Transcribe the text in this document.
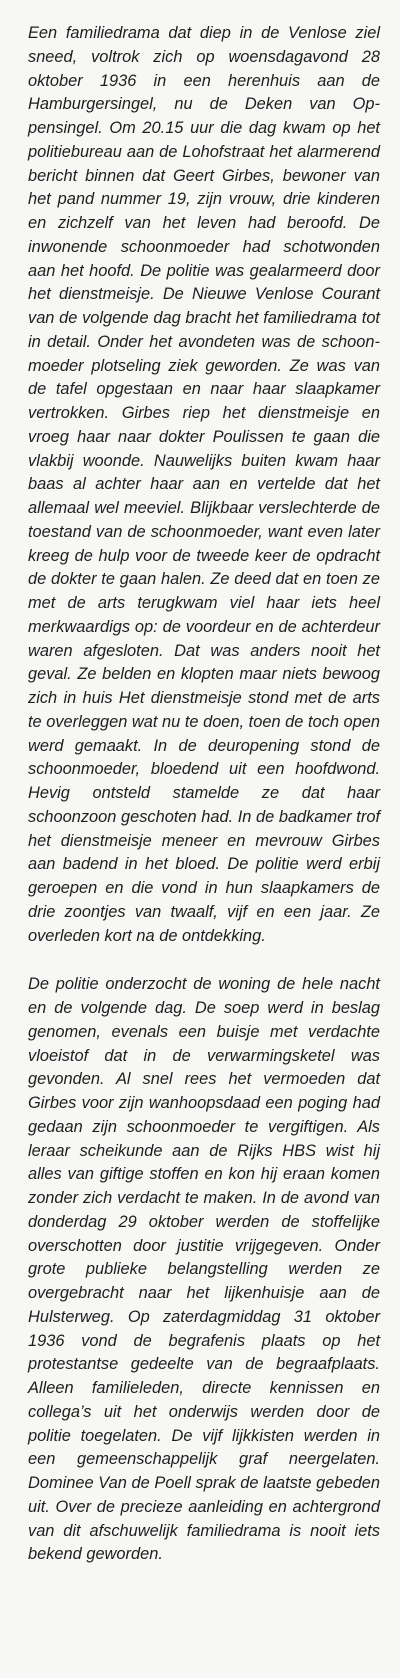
Een familiedrama dat diep in de Venlose ziel sneed, voltrok zich op woensdagavond 28 oktober 1936 in een herenhuis aan de Hamburgersingel, nu de Deken van Oppensingel. Om 20.15 uur die dag kwam op het politiebureau aan de Lohofstraat het alarmerend bericht binnen dat Geert Girbes, bewoner van het pand nummer 19, zijn vrouw, drie kinderen en zichzelf van het leven had beroofd. De inwonende schoonmoeder had schotwonden aan het hoofd. De politie was gealarmeerd door het dienstmeisje. De Nieuwe Venlose Courant van de volgende dag bracht het familiedrama tot in detail. Onder het avondeten was de schoonmoeder plotseling ziek geworden. Ze was van de tafel opgestaan en naar haar slaapkamer vertrokken. Girbes riep het dienstmeisje en vroeg haar naar dokter Poulissen te gaan die vlakbij woonde. Nauwelijks buiten kwam haar baas al achter haar aan en vertelde dat het allemaal wel meeviel. Blijkbaar verslechterde de toestand van de schoonmoeder, want even later kreeg de hulp voor de tweede keer de opdracht de dokter te gaan halen. Ze deed dat en toen ze met de arts terugkwam viel haar iets heel merkwaardigs op: de voordeur en de achterdeur waren afgesloten. Dat was anders nooit het geval. Ze belden en klopten maar niets bewoog zich in huis Het dienstmeisje stond met de arts te overleggen wat nu te doen, toen de toch open werd gemaakt. In de deuropening stond de schoonmoeder, bloedend uit een hoofdwond. Hevig ontsteld stamelde ze dat haar schoonzoon geschoten had. In de badkamer trof het dienstmeisje meneer en mevrouw Girbes aan badend in het bloed. De politie werd erbij geroepen en die vond in hun slaapkamers de drie zoontjes van twaalf, vijf en een jaar. Ze overleden kort na de ontdekking.

De politie onderzocht de woning de hele nacht en de volgende dag. De soep werd in beslag genomen, evenals een buisje met verdachte vloeistof dat in de verwarmingsketel was gevonden. Al snel rees het vermoeden dat Girbes voor zijn wanhoopsdaad een poging had gedaan zijn schoonmoeder te vergiftigen. Als leraar scheikunde aan de Rijks HBS wist hij alles van giftige stoffen en kon hij eraan komen zonder zich verdacht te maken. In de avond van donderdag 29 oktober werden de stoffelijke overschotten door justitie vrijgegeven. Onder grote publieke belangstelling werden ze overgebracht naar het lijkenhuisje aan de Hulsterweg. Op zaterdagmiddag 31 oktober 1936 vond de begrafenis plaats op het protestantse gedeelte van de begraafplaats. Alleen familieleden, directe kennissen en collega’s uit het onderwijs werden door de politie toegelaten. De vijf lijkkisten werden in een gemeenschappelijk graf neergelaten. Dominee Van de Poell sprak de laatste gebeden uit. Over de precieze aanleiding en achtergrond van dit afschuwelijk familiedrama is nooit iets bekend geworden.
